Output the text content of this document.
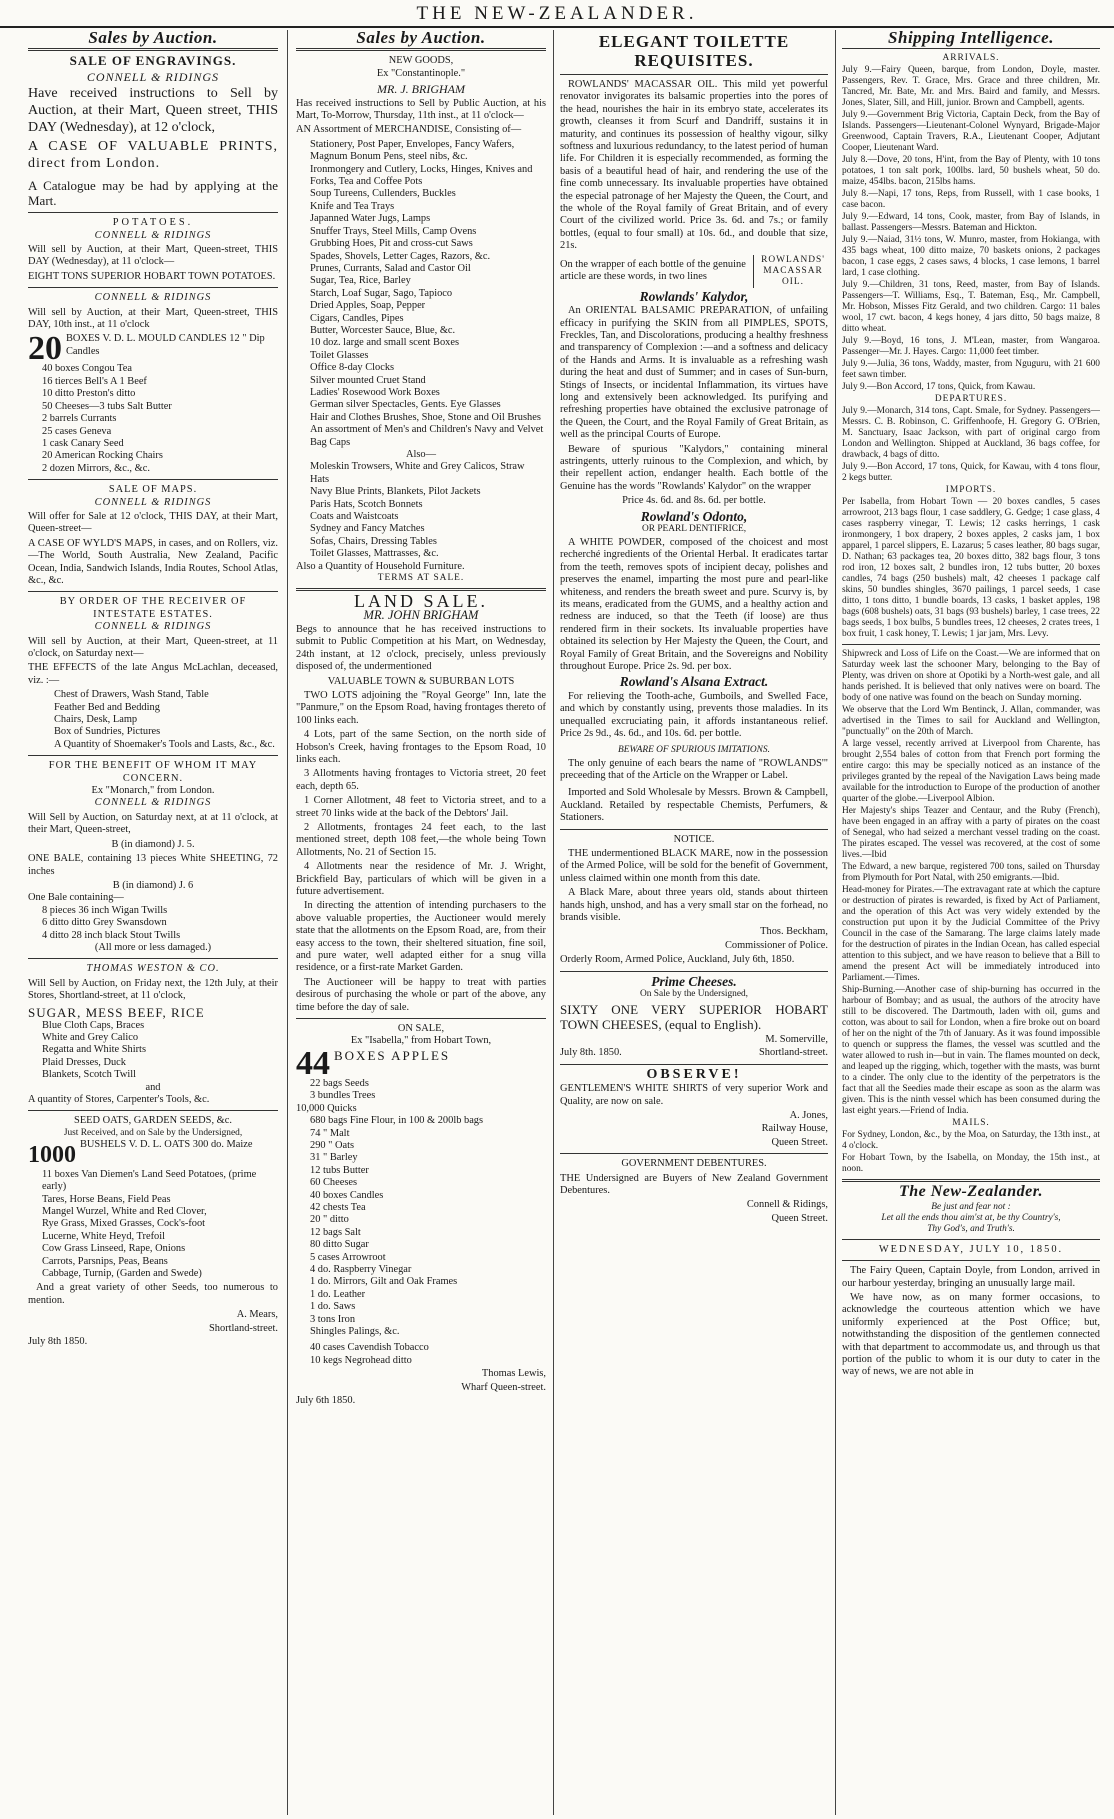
THE NEW-ZEALANDER.
Sales by Auction.
SALE OF ENGRAVINGS.
CONNELL & RIDINGS

Have received instructions to Sell by Auction, at their Mart, Queen street, THIS DAY (Wednesday), at 12 o'clock,

A CASE OF VALUABLE PRINTS, direct from London.

A Catalogue may be had by applying at the Mart.

POTATOES.
CONNELL & RIDINGS

Will sell by Auction, at their Mart, Queen-street, THIS DAY (Wednesday), at 11 o'clock—

EIGHT TONS SUPERIOR HOBART TOWN POTATOES.

CONNELL & RIDINGS

Will sell by Auction, at their Mart, Queen-street, THIS DAY, 10th inst., at 11 o'clock

20 BOXES V. D. L. MOULD CANDLES 12 " Dip Candles
40 boxes Congou Tea
16 tierces Bell's A 1 Beef
10 ditto Preston's ditto
50 Cheeses—3 tubs Salt Butter
2 barrels Currants
25 cases Geneva
1 cask Canary Seed
20 American Rocking Chairs
2 dozen Mirrors, &c., &c.
SALE OF MAPS.
CONNELL & RIDINGS

Will offer for Sale at 12 o'clock, THIS DAY, at their Mart, Queen-street—

A CASE OF WYLD'S MAPS, in cases, and on Rollers, viz.—The World, South Australia, New Zealand, Pacific Ocean, India, Sandwich Islands, India Routes, School Atlas, &c., &c.

BY ORDER OF THE RECEIVER OF INTESTATE ESTATES.
CONNELL & RIDINGS

Will sell by Auction, at their Mart, Queen-street, at 11 o'clock, on Saturday next—

THE EFFECTS of the late Angus McLachlan, deceased, viz. :—

Chest of Drawers, Wash Stand, Table
Feather Bed and Bedding
Chairs, Desk, Lamp
Box of Sundries, Pictures
A Quantity of Shoemaker's Tools and Lasts, &c., &c.
FOR THE BENEFIT OF WHOM IT MAY CONCERN.
Ex "Monarch," from London.
CONNELL & RIDINGS

Will Sell by Auction, on Saturday next, at at 11 o'clock, at their Mart, Queen-street,

B (in diamond) J. 5.

ONE BALE, containing 13 pieces White SHEETING, 72 inches

B (in diamond) J. 6
One Bale containing—
8 pieces 36 inch Wigan Twills
6 ditto ditto Grey Swansdown
4 ditto 28 inch black Stout Twills
(All more or less damaged.)
THOMAS WESTON & CO.

Will Sell by Auction, on Friday next, the 12th July, at their Stores, Shortland-street, at 11 o'clock,

SUGAR, MESS BEEF, RICE
Blue Cloth Caps, Braces
White and Grey Calico
Regatta and White Shirts
Plaid Dresses, Duck
Blankets, Scotch Twill
and
A quantity of Stores, Carpenter's Tools, &c.
SEED OATS, GARDEN SEEDS, &c.
Just Received, and on Sale by the Undersigned,
1000 BUSHELS V. D. L. OATS 300 do. Maize
11 boxes Van Diemen's Land Seed Potatoes, (prime early)
Tares, Horse Beans, Field Peas
Mangel Wurzel, White and Red Clover,
Rye Grass, Mixed Grasses, Cock's-foot
Lucerne, White Heyd, Trefoil
Cow Grass Linseed, Rape, Onions
Carrots, Parsnips, Peas, Beans
Cabbage, Turnip, (Garden and Swede)

And a great variety of other Seeds, too numerous to mention.

A. Mears,
Shortland-street.
July 8th 1850.
Sales by Auction.
NEW GOODS,
Ex "Constantinople."
MR. J. BRIGHAM

Has received instructions to Sell by Public Auction, at his Mart, To-Morrow, Thursday, 11th inst., at 11 o'clock—

AN Assortment of MERCHANDISE, Consisting of—

Stationery, Post Paper, Envelopes, Fancy Wafers, Magnum Bonum Pens, steel nibs, &c.
Ironmongery and Cutlery, Locks, Hinges, Knives and Forks, Tea and Coffee Pots
Soup Tureens, Cullenders, Buckles
Knife and Tea Trays
Japanned Water Jugs, Lamps
Snuffer Trays, Steel Mills, Camp Ovens
Grubbing Hoes, Pit and cross-cut Saws
Spades, Shovels, Letter Cages, Razors, &c.
Prunes, Currants, Salad and Castor Oil
Sugar, Tea, Rice, Barley
Starch, Loaf Sugar, Sago, Tapioco
Dried Apples, Soap, Pepper
Cigars, Candles, Pipes
Butter, Worcester Sauce, Blue, &c.
10 doz. large and small scent Boxes
Toilet Glasses
Office 8-day Clocks
Silver mounted Cruet Stand
Ladies' Rosewood Work Boxes
German silver Spectacles, Gents. Eye Glasses
Hair and Clothes Brushes, Shoe, Stone and Oil Brushes
An assortment of Men's and Children's Navy and Velvet Bag Caps
Also—
Moleskin Trowsers, White and Grey Calicos, Straw Hats
Navy Blue Prints, Blankets, Pilot Jackets
Paris Hats, Scotch Bonnets
Coats and Waistcoats
Sydney and Fancy Matches
Sofas, Chairs, Dressing Tables
Toilet Glasses, Mattrasses, &c.
Also a Quantity of Household Furniture.
TERMS AT SALE.
LAND SALE.
MR. JOHN BRIGHAM

Begs to announce that he has received instructions to submit to Public Competition at his Mart, on Wednesday, 24th instant, at 12 o'clock, precisely, unless previously disposed of, the undermentioned

VALUABLE TOWN & SUBURBAN LOTS

TWO LOTS adjoining the "Royal George" Inn, late the "Panmure," on the Epsom Road, having frontages thereto of 100 links each.

4 Lots, part of the same Section, on the north side of Hobson's Creek, having frontages to the Epsom Road, 10 links each.

3 Allotments having frontages to Victoria street, 20 feet each, depth 65.

1 Corner Allotment, 48 feet to Victoria street, and to a street 70 links wide at the back of the Debtors' Jail.

2 Allotments, frontages 24 feet each, to the last mentioned street, depth 108 feet,—the whole being Town Allotments, No. 21 of Section 15.

4 Allotments near the residence of Mr. J. Wright, Brickfield Bay, particulars of which will be given in a future advertisement.

In directing the attention of intending purchasers to the above valuable properties, the Auctioneer would merely state that the allotments on the Epsom Road, are, from their easy access to the town, their sheltered situation, fine soil, and pure water, well adapted either for a snug villa residence, or a first-rate Market Garden.

The Auctioneer will be happy to treat with parties desirous of purchasing the whole or part of the above, any time before the day of sale.

ON SALE,
Ex "Isabella," from Hobart Town,
44 BOXES APPLES
22 bags Seeds
3 bundles Trees
10,000 Quicks
680 bags Fine Flour, in 100 & 200lb bags
74 " Malt
290 " Oats
31 " Barley
12 tubs Butter
60 Cheeses
40 boxes Candles
42 chests Tea
20 " ditto
12 bags Salt
80 ditto Sugar
5 cases Arrowroot
4 do. Raspberry Vinegar
1 do. Mirrors, Gilt and Oak Frames
1 do. Leather
1 do. Saws
3 tons Iron
Shingles Palings, &c.
40 cases Cavendish Tobacco
10 kegs Negrohead ditto
Thomas Lewis,
Wharf Queen-street.
July 6th 1850.
ELEGANT TOILETTE REQUISITES.

ROWLANDS' MACASSAR OIL. This mild yet powerful renovator invigorates its balsamic properties into the pores of the head, nourishes the hair in its embryo state, accelerates its growth, cleanses it from Scurf and Dandriff, sustains it in maturity, and continues its possession of healthy vigour, silky softness and luxurious redundancy, to the latest period of human life. For Children it is especially recommended, as forming the basis of a beautiful head of hair, and rendering the use of the fine comb unnecessary. Its invaluable properties have obtained the especial patronage of her Majesty the Queen, the Court, and the whole of the Royal family of Great Britain, and of every Court of the civilized world. Price 3s. 6d. and 7s.; or family bottles, (equal to four small) at 10s. 6d., and double that size, 21s.

On the wrapper of each bottle of the genuine article are these words, in two lines
ROWLANDS' MACASSAR OIL.
Rowlands' Kalydor,

An ORIENTAL BALSAMIC PREPARATION, of unfailing efficacy in purifying the SKIN from all PIMPLES, SPOTS, Freckles, Tan, and Discolorations, producing a healthy freshness and transparency of Complexion :—and a softness and delicacy of the Hands and Arms. It is invaluable as a refreshing wash during the heat and dust of Summer; and in cases of Sun-burn, Stings of Insects, or incidental Inflammation, its virtues have long and extensively been acknowledged. Its purifying and refreshing properties have obtained the exclusive patronage of the Queen, the Court, and the Royal Family of Great Britain, as well as the principal Courts of Europe.

Beware of spurious "Kalydors," containing mineral astringents, utterly ruinous to the Complexion, and which, by their repellent action, endanger health. Each bottle of the Genuine has the words "Rowlands' Kalydor" on the wrapper

Price 4s. 6d. and 8s. 6d. per bottle.
Rowland's Odonto,
OR PEARL DENTIFRICE,

A WHITE POWDER, composed of the choicest and most recherché ingredients of the Oriental Herbal. It eradicates tartar from the teeth, removes spots of incipient decay, polishes and preserves the enamel, imparting the most pure and pearl-like whiteness, and renders the breath sweet and pure. Scurvy is, by its means, eradicated from the GUMS, and a healthy action and redness are induced, so that the Teeth (if loose) are thus rendered firm in their sockets. Its invaluable properties have obtained its selection by Her Majesty the Queen, the Court, and Royal Family of Great Britain, and the Sovereigns and Nobility throughout Europe. Price 2s. 9d. per box.

Rowland's Alsana Extract.

For relieving the Tooth-ache, Gumboils, and Swelled Face, and which by constantly using, prevents those maladies. In its unequalled excruciating pain, it affords instantaneous relief. Price 2s 9d., 4s. 6d., and 10s. 6d. per bottle.

BEWARE OF SPURIOUS IMITATIONS.

The only genuine of each bears the name of "ROWLANDS'" preceeding that of the Article on the Wrapper or Label.

Imported and Sold Wholesale by Messrs. Brown & Campbell, Auckland. Retailed by respectable Chemists, Perfumers, & Stationers.

NOTICE.

THE undermentioned BLACK MARE, now in the possession of the Armed Police, will be sold for the benefit of Government, unless claimed within one month from this date.

A Black Mare, about three years old, stands about thirteen hands high, unshod, and has a very small star on the forhead, no brands visible.

Thos. Beckham,
Commissioner of Police.

Orderly Room, Armed Police, Auckland, July 6th, 1850.

Prime Cheeses.
On Sale by the Undersigned,

SIXTY ONE VERY SUPERIOR HOBART TOWN CHEESES, (equal to English).

M. Somerville,
July 8th. 1850.	Shortland-street.
OBSERVE!

GENTLEMEN'S WHITE SHIRTS of very superior Work and Quality, are now on sale.

A. Jones,
Railway House,
Queen Street.
GOVERNMENT DEBENTURES.

THE Undersigned are Buyers of New Zealand Government Debentures.

Connell & Ridings,
Queen Street.
Shipping Intelligence.
ARRIVALS.

July 9.—Fairy Queen, barque, from London, Doyle, master. Passengers, Rev. T. Grace, Mrs. Grace and three children, Mr. Tancred, Mr. Bate, Mr. and Mrs. Baird and family, and Messrs. Jones, Slater, Sill, and Hill, junior. Brown and Campbell, agents.

July 9.—Government Brig Victoria, Captain Deck, from the Bay of Islands. Passengers—Lieutenant-Colonel Wynyard, Brigade-Major Greenwood, Captain Travers, R.A., Lieutenant Cooper, Adjutant Cooper, Lieutenant Ward.

July 8.—Dove, 20 tons, H'int, from the Bay of Plenty, with 10 tons potatoes, 1 ton salt pork, 100lbs. lard, 50 bushels wheat, 50 do. maize, 454lbs. bacon, 215lbs hams.

July 8.—Napi, 17 tons, Reps, from Russell, with 1 case books, 1 case bacon.

July 9.—Edward, 14 tons, Cook, master, from Bay of Islands, in ballast. Passengers—Messrs. Bateman and Hickton.

July 9.—Naiad, 31½ tons, W. Munro, master, from Hokianga, with 435 bags wheat, 100 ditto maize, 70 baskets onions, 2 packages bacon, 1 case eggs, 2 cases saws, 4 blocks, 1 case lemons, 1 barrel lard, 1 case clothing.

July 9.—Children, 31 tons, Reed, master, from Bay of Islands. Passengers—T. Williams, Esq., T. Bateman, Esq., Mr. Campbell, Mr. Hobson, Misses Fitz Gerald, and two children. Cargo: 11 bales wool, 17 cwt. bacon, 4 kegs honey, 4 jars ditto, 50 bags maize, 8 ditto wheat.

July 9.—Boyd, 16 tons, J. M'Lean, master, from Wangaroa. Passenger—Mr. J. Hayes. Cargo: 11,000 feet timber.

July 9.—Julia, 36 tons, Waddy, master, from Nguguru, with 21 600 feet sawn timber.

July 9.—Bon Accord, 17 tons, Quick, from Kawau.

DEPARTURES.

July 9.—Monarch, 314 tons, Capt. Smale, for Sydney. Passengers—Messrs. C. B. Robinson, C. Griffenhoofe, H. Gregory G. O'Brien, M. Sanctuary, Isaac Jackson, with part of original cargo from London and Wellington. Shipped at Auckland, 36 bags coffee, for drawback, 4 bags of ditto.

July 9.—Bon Accord, 17 tons, Quick, for Kawau, with 4 tons flour, 2 kegs butter.

IMPORTS.

Per Isabella, from Hobart Town — 20 boxes candles, 5 cases arrowroot, 213 bags flour, 1 case saddlery, G. Gedge; 1 case glass, 4 cases raspberry vinegar, T. Lewis; 12 casks herrings, 1 cask ironmongery, 1 box drapery, 2 boxes apples, 2 casks jam, 1 box apparel, 1 parcel slippers, E. Lazarus; 5 cases leather, 80 bags sugar, D. Nathan; 63 packages tea, 20 boxes ditto, 382 bags flour, 3 tons rod iron, 12 boxes salt, 2 bundles iron, 12 tubs butter, 20 boxes candles, 74 bags (250 bushels) malt, 42 cheeses 1 package calf skins, 50 bundles shingles, 3670 pailings, 1 parcel seeds, 1 case ditto, 1 tons ditto, 1 bundle boards, 13 casks, 1 basket apples, 198 bags (608 bushels) oats, 31 bags (93 bushels) barley, 1 case trees, 22 bags seeds, 1 box bulbs, 5 bundles trees, 12 cheeses, 2 crates trees, 1 box fruit, 1 cask honey, T. Lewis; 1 jar jam, Mrs. Levy.

Shipwreck and Loss of Life on the Coast.—We are informed that on Saturday week last the schooner Mary, belonging to the Bay of Plenty, was driven on shore at Opotiki by a North-west gale, and all hands perished. It is believed that only natives were on board. The body of one native was found on the beach on Sunday morning.

We observe that the Lord Wm Bentinck, J. Allan, commander, was advertised in the Times to sail for Auckland and Wellington, "punctually" on the 20th of March.

A large vessel, recently arrived at Liverpool from Charente, has brought 2,554 bales of cotton from that French port forming the entire cargo: this may be specially noticed as an instance of the privileges granted by the repeal of the Navigation Laws being made available for the introduction to Europe of the production of another quarter of the globe.—Liverpool Albion.

Her Majesty's ships Teazer and Centaur, and the Ruby (French), have been engaged in an affray with a party of pirates on the coast of Senegal, who had seized a merchant vessel trading on the coast. The pirates escaped. The vessel was recovered, at the cost of some lives.—Ibid

The Edward, a new barque, registered 700 tons, sailed on Thursday from Plymouth for Port Natal, with 250 emigrants.—Ibid.

Head-money for Pirates.—The extravagant rate at which the capture or destruction of pirates is rewarded, is fixed by Act of Parliament, and the operation of this Act was very widely extended by the construction put upon it by the Judicial Committee of the Privy Council in the case of the Samarang. The large claims lately made for the destruction of pirates in the Indian Ocean, has called especial attention to this subject, and we have reason to believe that a Bill to amend the present Act will be immediately introduced into Parliament.—Times.

Ship-Burning.—Another case of ship-burning has occurred in the harbour of Bombay; and as usual, the authors of the atrocity have still to be discovered. The Dartmouth, laden with oil, gums and cotton, was about to sail for London, when a fire broke out on board of her on the night of the 7th of January. As it was found impossible to quench or suppress the flames, the vessel was scuttled and the water allowed to rush in—but in vain. The flames mounted on deck, and leaped up the rigging, which, together with the masts, was burnt to a cinder. The only clue to the identity of the perpetrators is the fact that all the Seedies made their escape as soon as the alarm was given. This is the ninth vessel which has been consumed during the last eight years.—Friend of India.

MAILS.

For Sydney, London, &c., by the Moa, on Saturday, the 13th inst., at 4 o'clock.

For Hobart Town, by the Isabella, on Monday, the 15th inst., at noon.

The New-Zealander.
Be just and fear not :
Let all the ends thou aim'st at, be thy Country's,
Thy God's, and Truth's.
WEDNESDAY, JULY 10, 1850.

The Fairy Queen, Captain Doyle, from London, arrived in our harbour yesterday, bringing an unusually large mail.

We have now, as on many former occasions, to acknowledge the courteous attention which we have uniformly experienced at the Post Office; but, notwithstanding the disposition of the gentlemen connected with that department to accommodate us, and through us that portion of the public to whom it is our duty to cater in the way of news, we are not able in
